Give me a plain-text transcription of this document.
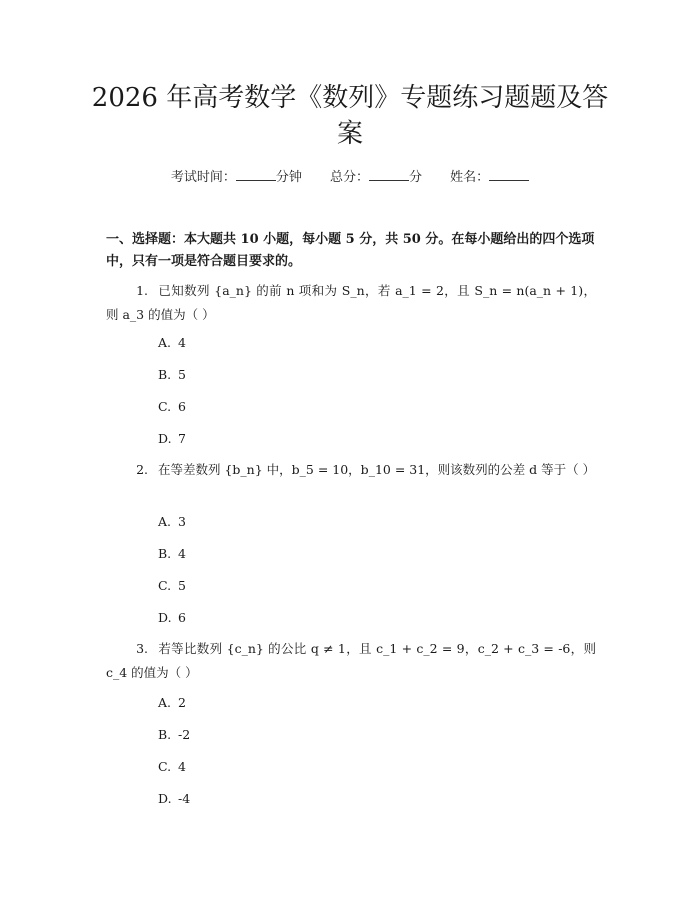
2026 年高考数学《数列》专题练习题题及答案
考试时间：	分钟 总分：	分 姓名：
一、选择题：本大题共 10 小题，每小题 5 分，共 50 分。在每小题给出的四个选项中，只有一项是符合题目要求的。
1. 已知数列 {a_n} 的前 n 项和为 S_n，若 a_1 = 2，且 S_n = n(a_n + 1)，则 a_3 的值为（ ）
A. 4
B. 5
C. 6
D. 7
2. 在等差数列 {b_n} 中，b_5 = 10，b_10 = 31，则该数列的公差 d 等于（ ）
A. 3
B. 4
C. 5
D. 6
3. 若等比数列 {c_n} 的公比 q ≠ 1，且 c_1 + c_2 = 9，c_2 + c_3 = -6，则 c_4 的值为（ ）
A. 2
B. -2
C. 4
D. -4
